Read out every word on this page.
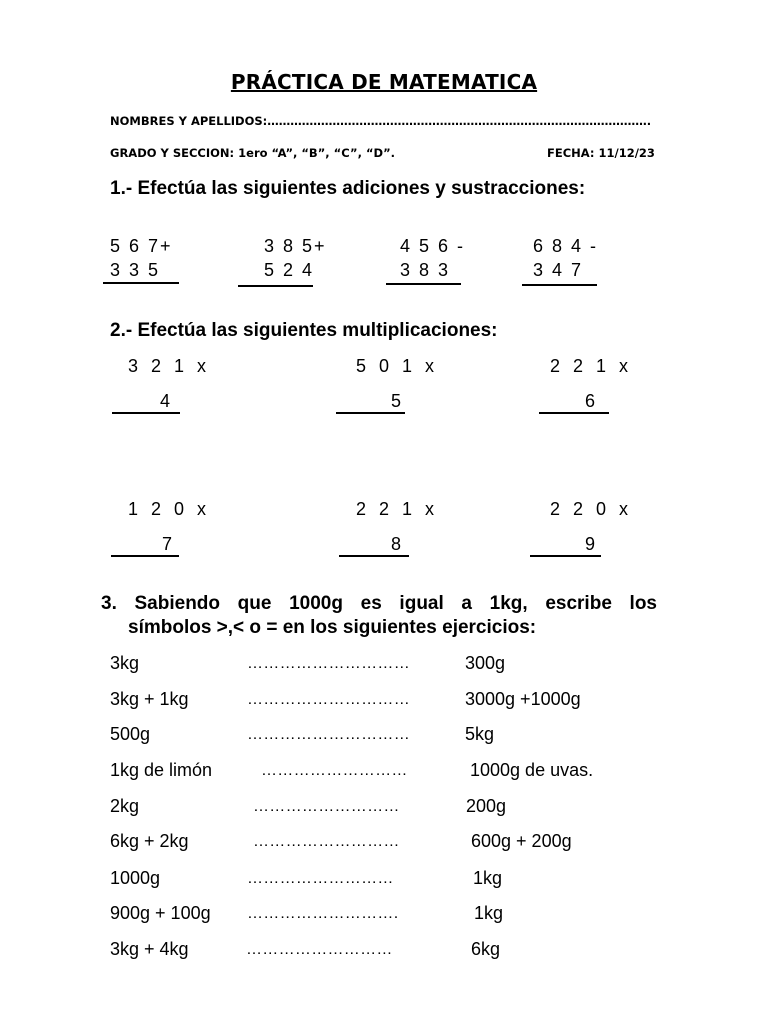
PRÁCTICA DE MATEMATICA
NOMBRES Y APELLIDOS:……………………………………………………………………………………….
GRADO Y SECCION: 1ero “A”, “B”, “C”, “D”.	FECHA: 11/12/23
1.- Efectúa las siguientes adiciones y sustracciones:
5 6 7+
3 3 5
3 8 5+
5 2 4
4 5 6 -
3 8 3
6 8 4 -
3 4 7
2.- Efectúa las siguientes multiplicaciones:
3 2 1 x
4
5 0 1 x
5
2 2 1 x
6
1 2 0 x
7
2 2 1 x
8
2 2 0 x
9
3. Sabiendo que 1000g es igual a 1kg, escribe los
símbolos >,< o = en los siguientes ejercicios:
3kg	…………………………	300g
3kg + 1kg	…………………………	3000g +1000g
500g	…………………………	5kg
1kg de limón	………………………	1000g de uvas.
2kg	………………………	200g
6kg + 2kg	………………………	600g + 200g
1000g	………………………	1kg
900g + 100g ……………………….	1kg
3kg + 4kg	………………………	6kg
